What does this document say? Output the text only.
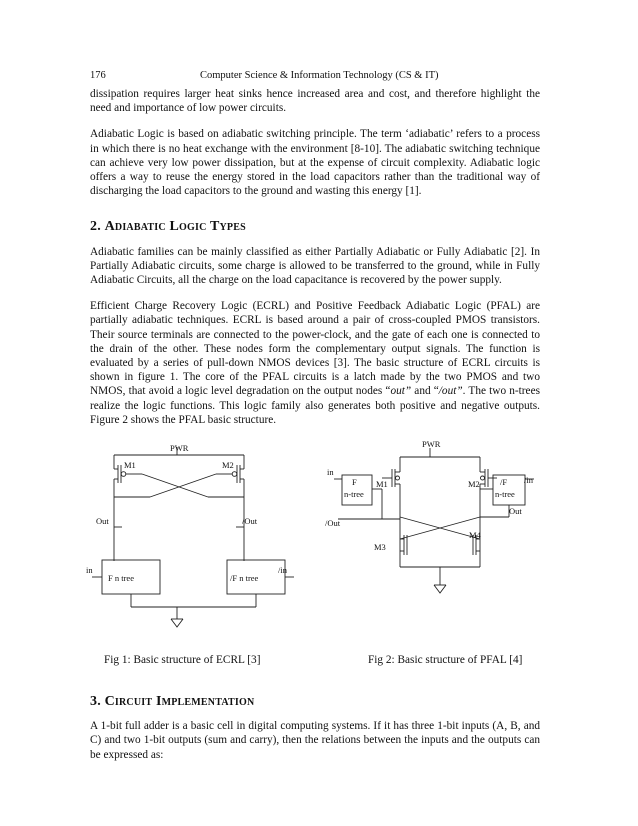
176	Computer Science & Information Technology (CS & IT)

dissipation requires larger heat sinks hence increased area and cost, and therefore highlight the need and importance of low power circuits.

Adiabatic Logic is based on adiabatic switching principle. The term ‘adiabatic’ refers to a process in which there is no heat exchange with the environment [8-10]. The adiabatic switching technique can achieve very low power dissipation, but at the expense of circuit complexity. Adiabatic logic offers a way to reuse the energy stored in the load capacitors rather than the traditional way of discharging the load capacitors to the ground and wasting this energy [1].

2. Adiabatic Logic Types

Adiabatic families can be mainly classified as either Partially Adiabatic or Fully Adiabatic [2]. In Partially Adiabatic circuits, some charge is allowed to be transferred to the ground, while in Fully Adiabatic Circuits, all the charge on the load capacitance is recovered by the power supply.

Efficient Charge Recovery Logic (ECRL) and Positive Feedback Adiabatic Logic (PFAL) are partially adiabatic techniques. ECRL is based around a pair of cross-coupled PMOS transistors. Their source terminals are connected to the power-clock, and the gate of each one is connected to the drain of the other. These nodes form the complementary output signals. The function is evaluated by a series of pull-down NMOS devices [3]. The basic structure of ECRL circuits is shown in figure 1. The core of the PFAL circuits is a latch made by the two PMOS and two NMOS, that avoid a logic level degradation on the output nodes “out” and “/out”. The two n-trees realize the logic functions. This logic family also generates both positive and negative outputs. Figure 2 shows the PFAL basic structure.

PWR
M1	M2
Out	/Out
in	/in
F n tree	/F n tree
PWR
in
/in
F
n-tree
/F
n-tree
M1	M2
M3
M4
Out
/Out
Fig 1: Basic structure of ECRL [3]	Fig 2: Basic structure of PFAL [4]
3. Circuit Implementation

A 1-bit full adder is a basic cell in digital computing systems. If it has three 1-bit inputs (A, B, and C) and two 1-bit outputs (sum and carry), then the relations between the inputs and the outputs can be expressed as:
